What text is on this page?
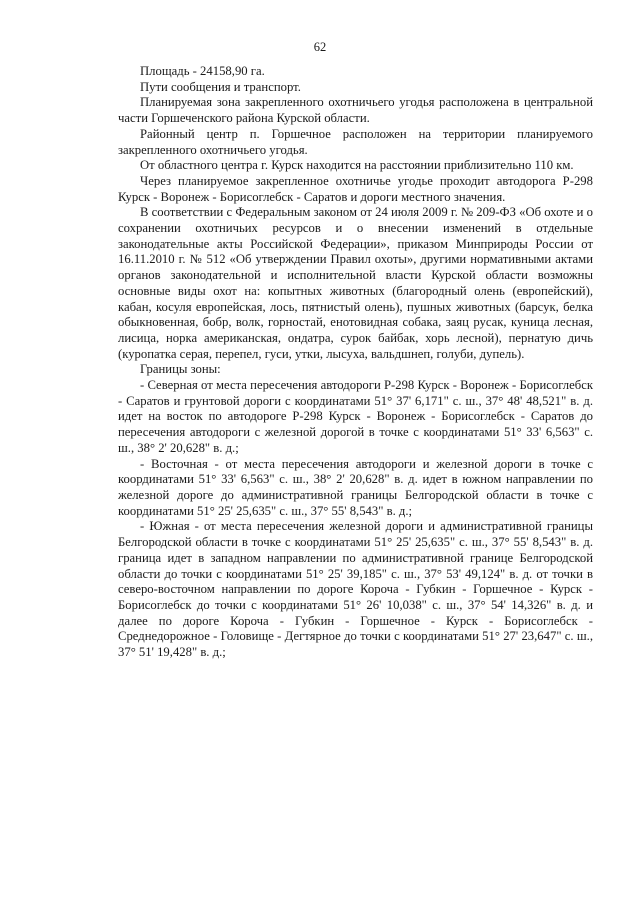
62

Площадь - 24158,90 га.

Пути сообщения и транспорт.

Планируемая зона закрепленного охотничьего угодья расположена в центральной части Горшеченского района Курской области.

Районный центр п. Горшечное расположен на территории планируемого закрепленного охотничьего угодья.

От областного центра г. Курск находится на расстоянии приблизительно 110 км.

Через планируемое закрепленное охотничье угодье проходит автодорога Р-298 Курск - Воронеж - Борисоглебск - Саратов и дороги местного значения.

В соответствии с Федеральным законом от 24 июля 2009 г. № 209-ФЗ «Об охоте и о сохранении охотничьих ресурсов и о внесении изменений в отдельные законодательные акты Российской Федерации», приказом Минприроды России от 16.11.2010 г. № 512 «Об утверждении Правил охоты», другими нормативными актами органов законодательной и исполнительной власти Курской области возможны основные виды охот на: копытных животных (благородный олень (европейский), кабан, косуля европейская, лось, пятнистый олень), пушных животных (барсук, белка обыкновенная, бобр, волк, горностай, енотовидная собака, заяц русак, куница лесная, лисица, норка американская, ондатра, сурок байбак, хорь лесной), пернатую дичь (куропатка серая, перепел, гуси, утки, лысуха, вальдшнеп, голуби, дупель).

Границы зоны:

- Северная от места пересечения автодороги Р-298 Курск - Воронеж - Борисоглебск - Саратов и грунтовой дороги с координатами 51° 37' 6,171" с. ш., 37° 48' 48,521" в. д. идет на восток по автодороге Р-298 Курск - Воронеж - Борисоглебск - Саратов до пересечения автодороги с железной дорогой в точке с координатами 51° 33' 6,563" с. ш., 38° 2' 20,628" в. д.;

- Восточная - от места пересечения автодороги и железной дороги в точке с координатами 51° 33' 6,563" с. ш., 38° 2' 20,628" в. д. идет в южном направлении по железной дороге до административной границы Белгородской области в точке с координатами 51° 25' 25,635" с. ш., 37° 55' 8,543" в. д.;

- Южная - от места пересечения железной дороги и административной границы Белгородской области в точке с координатами 51° 25' 25,635" с. ш., 37° 55' 8,543" в. д. граница идет в западном направлении по административной границе Белгородской области до точки с координатами 51° 25' 39,185" с. ш., 37° 53' 49,124" в. д. от точки в северо-восточном направлении по дороге Короча - Губкин - Горшечное - Курск - Борисоглебск до точки с координатами 51° 26' 10,038" с. ш., 37° 54' 14,326" в. д. и далее по дороге Короча - Губкин - Горшечное - Курск - Борисоглебск - Среднедорожное - Головище - Дегтярное до точки с координатами 51° 27' 23,647" с. ш., 37° 51' 19,428" в. д.;
